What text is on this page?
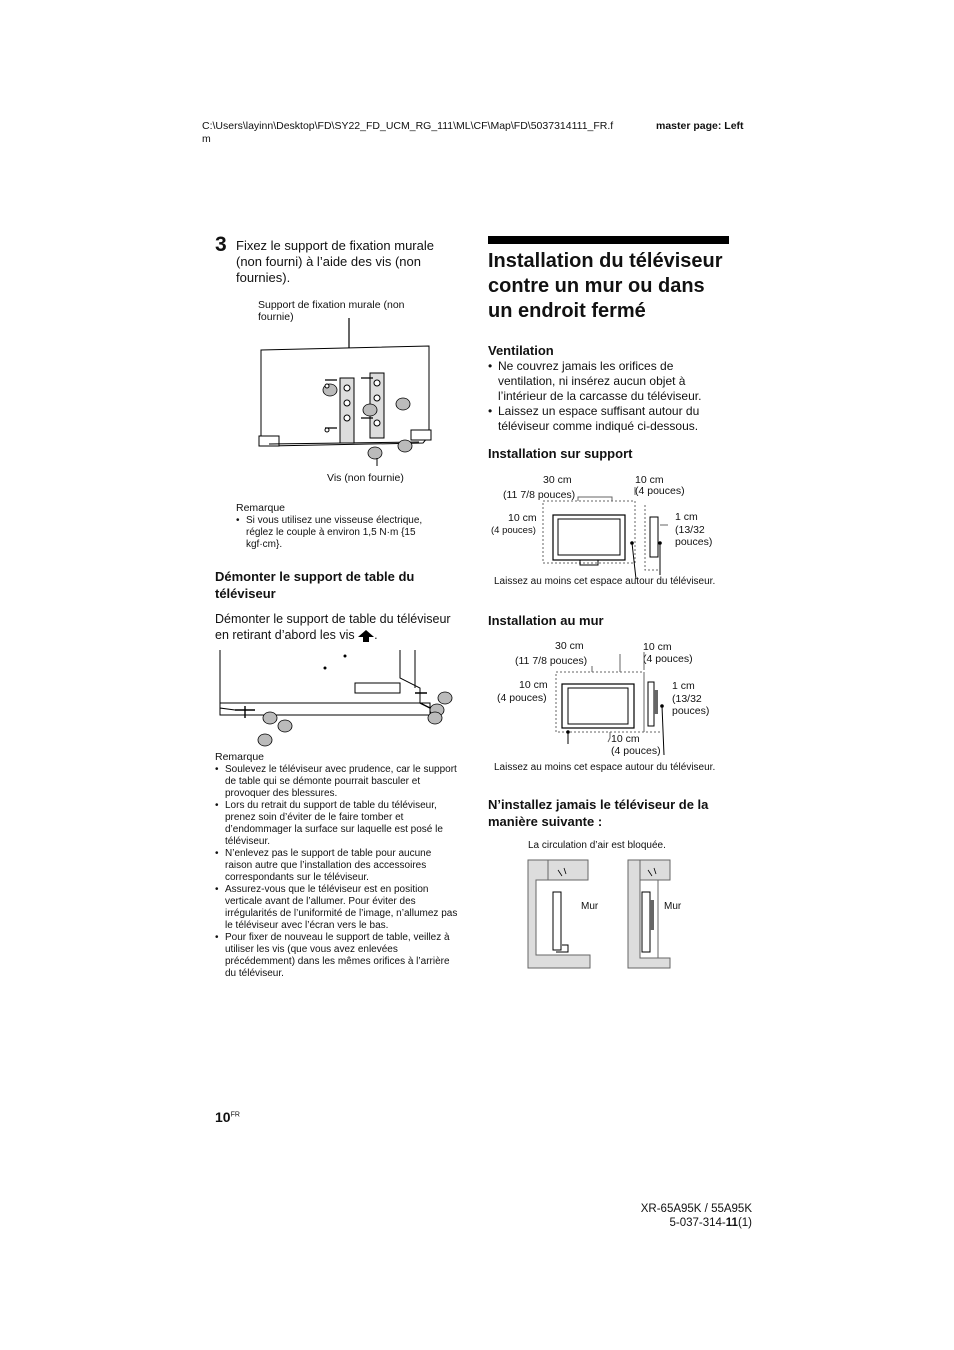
C:\Users\layinn\Desktop\FD\SY22_FD_UCM_RG_111\ML\CF\Map\FD\5037314111_FR.f
m
master page: Left
3 Fixez le support de fixation murale (non fourni) à l’aide des vis (non fournies).
Support de fixation murale (non fournie)
Vis (non fournie)
Remarque
• Si vous utilisez une visseuse électrique, réglez le couple à environ 1,5 N·m {15 kgf·cm}.
Démonter le support de table du téléviseur
Démonter le support de table du téléviseur en retirant d’abord les vis .
Remarque
• Soulevez le téléviseur avec prudence, car le support de table qui se démonte pourrait basculer et provoquer des blessures.
• Lors du retrait du support de table du téléviseur, prenez soin d’éviter de le faire tomber et d’endommager la surface sur laquelle est posé le téléviseur.
• N’enlevez pas le support de table pour aucune raison autre que l’installation des accessoires correspondants sur le téléviseur.
• Assurez-vous que le téléviseur est en position verticale avant de l’allumer. Pour éviter des irrégularités de l’uniformité de l’image, n’allumez pas le téléviseur avec l’écran vers le bas.
• Pour fixer de nouveau le support de table, veillez à utiliser les vis (que vous avez enlevées précédemment) dans les mêmes orifices à l’arrière du téléviseur.
$10^{FR}$
Installation du téléviseur contre un mur ou dans un endroit fermé
Ventilation
• Ne couvrez jamais les orifices de ventilation, ni insérez aucun objet à l’intérieur de la carcasse du téléviseur.
• Laissez un espace suffisant autour du téléviseur comme indiqué ci-dessous.
Installation sur support
30 cm
(11 7/8 pouces)
10 cm
(4 pouces)
10 cm
(4 pouces)
1 cm
(13/32 pouces)
Laissez au moins cet espace autour du téléviseur.
Installation au mur
30 cm
(11 7/8 pouces)
10 cm
(4 pouces)
10 cm
(4 pouces)
1 cm
(13/32 pouces)
10 cm
(4 pouces)
Laissez au moins cet espace autour du téléviseur.
N’installez jamais le téléviseur de la manière suivante :
La circulation d’air est bloquée.
Mur	Mur
XR-65A95K / 55A95K
5-037-314-11(1)
